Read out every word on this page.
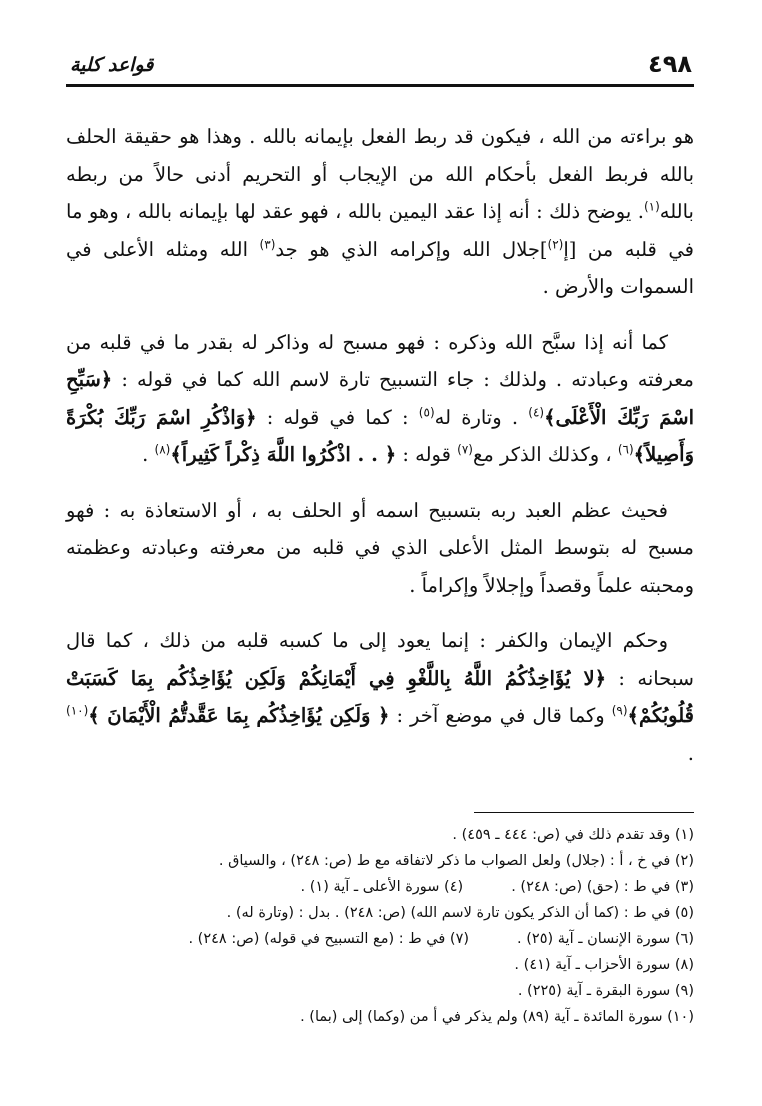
٤٩٨
قواعد كلية

هو براءته من الله ، فيكون قد ربط الفعل بإيمانه بالله . وهذا هو حقيقة الحلف بالله فربط الفعل بأحكام الله من الإيجاب أو التحريم أدنى حالاً من ربطه بالله$^{(١)}$. يوضح ذلك : أنه إذا عقد اليمين بالله ، فهو عقد لها بإيمانه بالله ، وهو ما في قلبه من [إ$^{(٢)}$]جلال الله وإكرامه الذي هو جد$^{(٣)}$ الله ومثله الأعلى في السموات والأرض .

كما أنه إذا سبَّح الله وذكره : فهو مسبح له وذاكر له بقدر ما في قلبه من معرفته وعبادته . ولذلك : جاء التسبيح تارة لاسم الله كما في قوله : ﴿سَبِّحِ اسْمَ رَبِّكَ الْأَعْلَى﴾$^{(٤)}$ . وتارة له$^{(٥)}$ : كما في قوله : ﴿وَاذْكُرِ اسْمَ رَبِّكَ بُكْرَةً وَأَصِيلاً﴾$^{(٦)}$ ، وكذلك الذكر مع$^{(٧)}$ قوله : ﴿ . . اذْكُرُوا اللَّهَ ذِكْراً كَثِيراً﴾$^{(٨)}$ .

فحيث عظم العبد ربه بتسبيح اسمه أو الحلف به ، أو الاستعاذة به : فهو مسبح له بتوسط المثل الأعلى الذي في قلبه من معرفته وعبادته وعظمته ومحبته علماً وقصداً وإجلالاً وإكراماً .

وحكم الإيمان والكفر : إنما يعود إلى ما كسبه قلبه من ذلك ، كما قال سبحانه : ﴿لا يُؤَاخِذُكُمُ اللَّهُ بِاللَّغْوِ فِي أَيْمَانِكُمْ وَلَكِن يُؤَاخِذُكُم بِمَا كَسَبَتْ قُلُوبُكُمْ﴾$^{(٩)}$ وكما قال في موضع آخر : ﴿ وَلَكِن يُؤَاخِذُكُم بِمَا عَقَّدتُّمُ الْأَيْمَانَ ﴾$^{(١٠)}$ .

(١) وقد تقدم ذلك في (ص: ٤٤٤ ـ ٤٥٩) .
(٢) في خ ، أ : (جلال) ولعل الصواب ما ذكر لاتفاقه مع ط (ص: ٢٤٨) ، والسياق .
(٣) في ط : (حق) (ص: ٢٤٨) .
(٤) سورة الأعلى ـ آية (١) .
(٥) في ط : (كما أن الذكر يكون تارة لاسم الله) (ص: ٢٤٨) . بدل : (وتارة له) .
(٦) سورة الإنسان ـ آية (٢٥) .
(٧) في ط : (مع التسبيح في قوله) (ص: ٢٤٨) .
(٨) سورة الأحزاب ـ آية (٤١) .
(٩) سورة البقرة ـ آية (٢٢٥) .
(١٠) سورة المائدة ـ آية (٨٩) ولم يذكر في أ من (وكما) إلى (بما) .
